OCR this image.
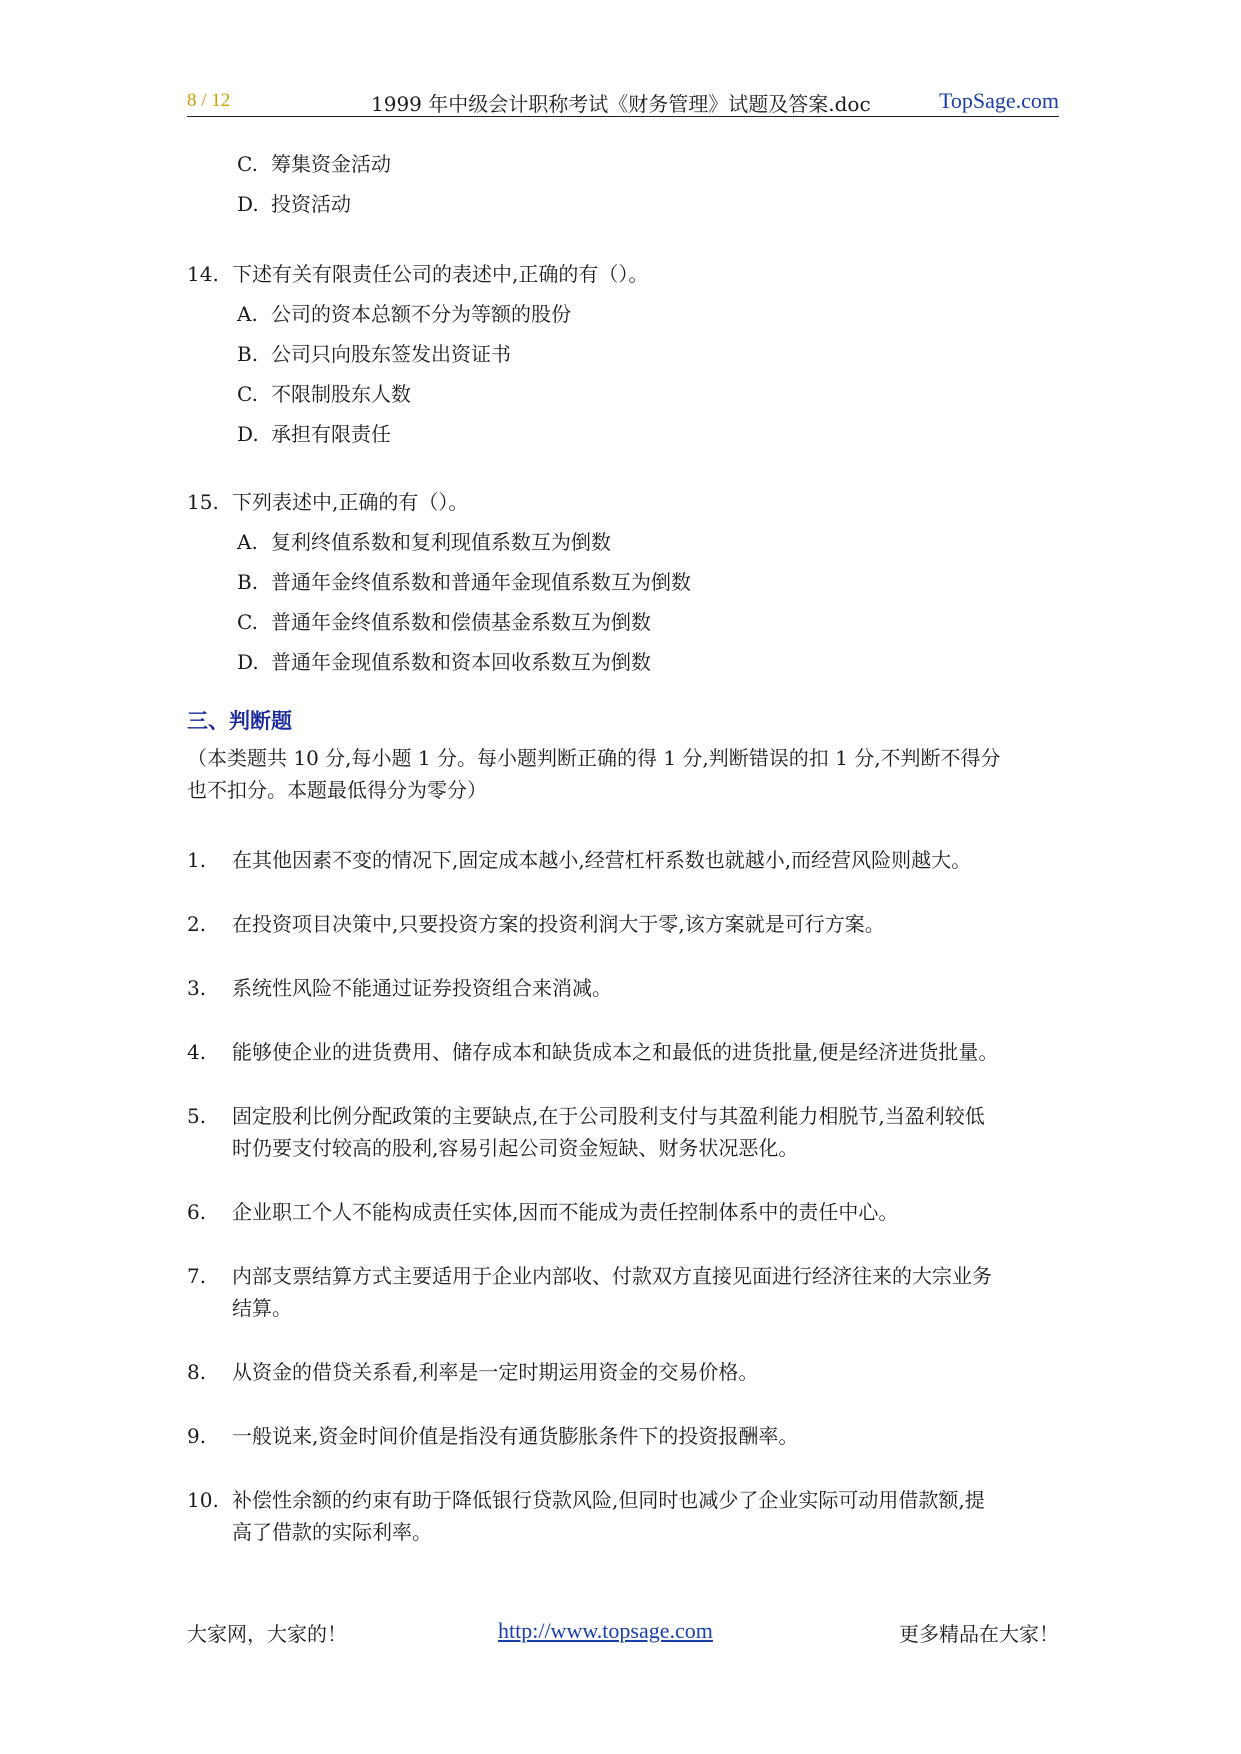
8 / 12	1999 年中级会计职称考试《财务管理》试题及答案.doc	TopSage.com
C. 筹集资金活动
D. 投资活动
14. 下述有关有限责任公司的表述中,正确的有（）。
A. 公司的资本总额不分为等额的股份
B. 公司只向股东签发出资证书
C. 不限制股东人数
D. 承担有限责任
15. 下列表述中,正确的有（）。
A. 复利终值系数和复利现值系数互为倒数
B. 普通年金终值系数和普通年金现值系数互为倒数
C. 普通年金终值系数和偿债基金系数互为倒数
D. 普通年金现值系数和资本回收系数互为倒数
三、判断题
（本类题共 10 分,每小题 1 分。每小题判断正确的得 1 分,判断错误的扣 1 分,不判断不得分
也不扣分。本题最低得分为零分）
1. 在其他因素不变的情况下,固定成本越小,经营杠杆系数也就越小,而经营风险则越大。
2. 在投资项目决策中,只要投资方案的投资利润大于零,该方案就是可行方案。
3. 系统性风险不能通过证券投资组合来消减。
4. 能够使企业的进货费用、储存成本和缺货成本之和最低的进货批量,便是经济进货批量。
5. 固定股利比例分配政策的主要缺点,在于公司股利支付与其盈利能力相脱节,当盈利较低
时仍要支付较高的股利,容易引起公司资金短缺、财务状况恶化。
6. 企业职工个人不能构成责任实体,因而不能成为责任控制体系中的责任中心。
7. 内部支票结算方式主要适用于企业内部收、付款双方直接见面进行经济往来的大宗业务
结算。
8. 从资金的借贷关系看,利率是一定时期运用资金的交易价格。
9. 一般说来,资金时间价值是指没有通货膨胀条件下的投资报酬率。
10. 补偿性余额的约束有助于降低银行贷款风险,但同时也减少了企业实际可动用借款额,提
高了借款的实际利率。
大家网，大家的！	http://www.topsage.com	更多精品在大家！
